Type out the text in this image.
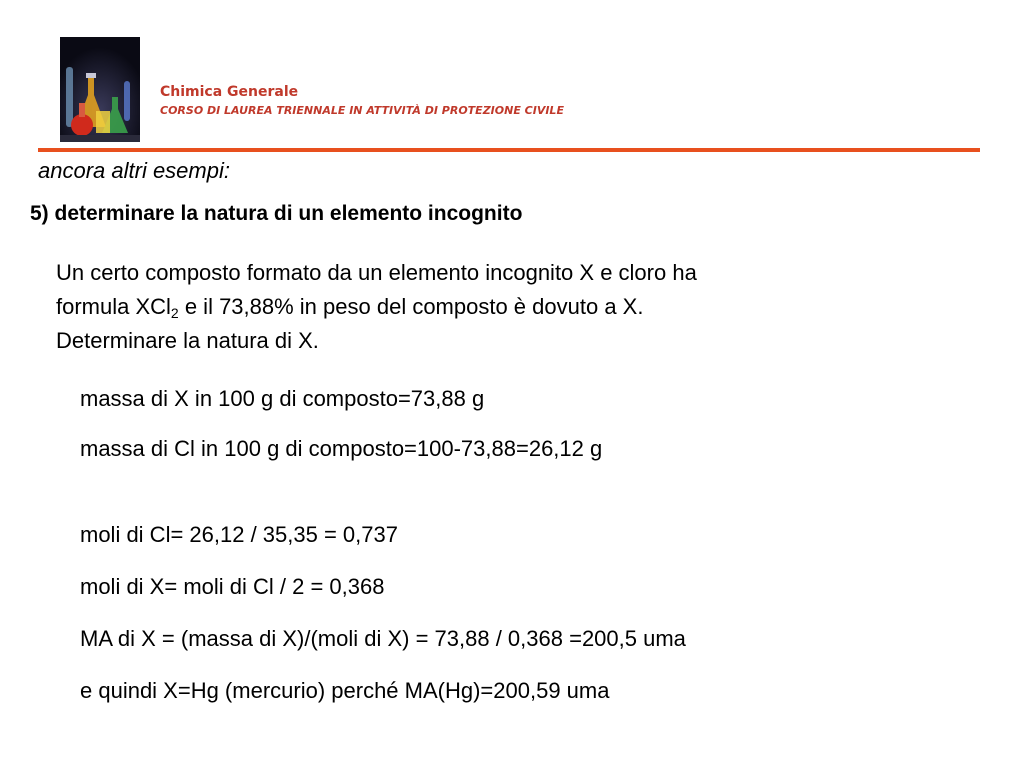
Chimica Generale
CORSO DI LAUREA TRIENNALE IN ATTIVITÀ DI PROTEZIONE CIVILE
ancora altri esempi:
5) determinare la natura di un elemento incognito
Un certo composto formato da un elemento incognito X e cloro ha
formula XCl$_2$ e il 73,88% in peso del composto è dovuto a X.
Determinare la natura di X.
massa di X in 100 g di composto=73,88 g
massa di Cl in 100 g di composto=100-73,88=26,12 g
moli di Cl= 26,12 / 35,35 = 0,737
moli di X= moli di Cl / 2 = 0,368
MA di X = (massa di X)/(moli di X) = 73,88 / 0,368 =200,5 uma
e quindi X=Hg (mercurio) perché MA(Hg)=200,59 uma
